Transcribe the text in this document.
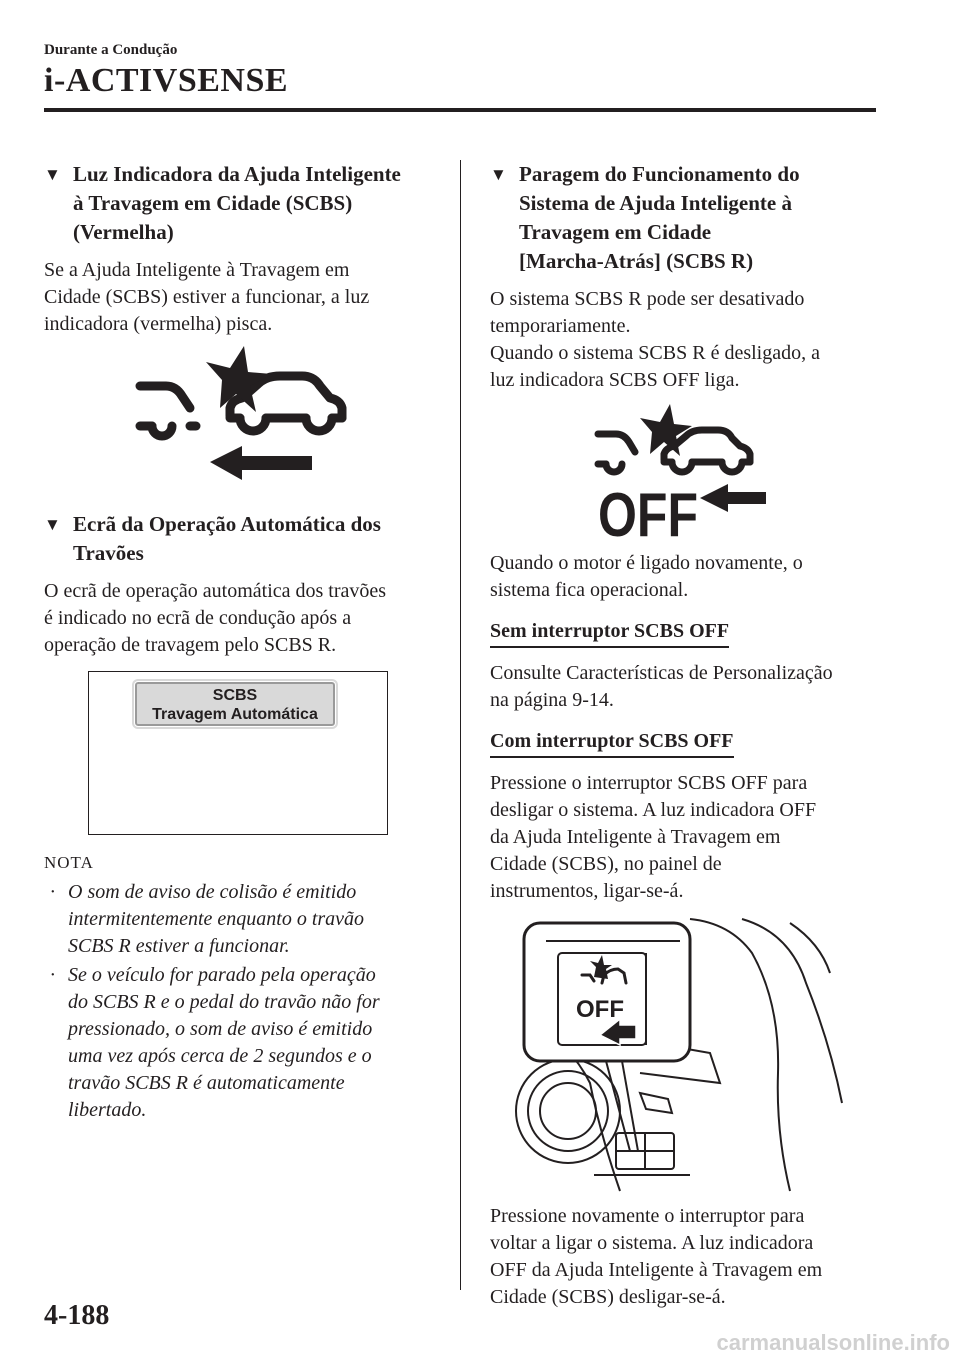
Durante a Condução
i-ACTIVSENSE
▼ Luz Indicadora da Ajuda Inteligente
à Travagem em Cidade (SCBS)
(Vermelha)
Se a Ajuda Inteligente à Travagem em
Cidade (SCBS) estiver a funcionar, a luz
indicadora (vermelha) pisca.
▼ Ecrã da Operação Automática dos
Travões
O ecrã de operação automática dos travões
é indicado no ecrã de condução após a
operação de travagem pelo SCBS R.
SCBS
Travagem Automática
NOTA
· O som de aviso de colisão é emitido
intermitentemente enquanto o travão
SCBS R estiver a funcionar.
· Se o veículo for parado pela operação
do SCBS R e o pedal do travão não for
pressionado, o som de aviso é emitido
uma vez após cerca de 2 segundos e o
travão SCBS R é automaticamente
libertado.
▼ Paragem do Funcionamento do
Sistema de Ajuda Inteligente à
Travagem em Cidade
[Marcha-Atrás] (SCBS R)
O sistema SCBS R pode ser desativado
temporariamente.
Quando o sistema SCBS R é desligado, a
luz indicadora SCBS OFF liga.
OFF
Quando o motor é ligado novamente, o
sistema fica operacional.
Sem interruptor SCBS OFF
Consulte Características de Personalização
na página 9-14.
Com interruptor SCBS OFF
Pressione o interruptor SCBS OFF para
desligar o sistema. A luz indicadora OFF
da Ajuda Inteligente à Travagem em
Cidade (SCBS), no painel de
instrumentos, ligar-se-á.
OFF
Pressione novamente o interruptor para
voltar a ligar o sistema. A luz indicadora
OFF da Ajuda Inteligente à Travagem em
Cidade (SCBS) desligar-se-á.
4-188
carmanualsonline.info
